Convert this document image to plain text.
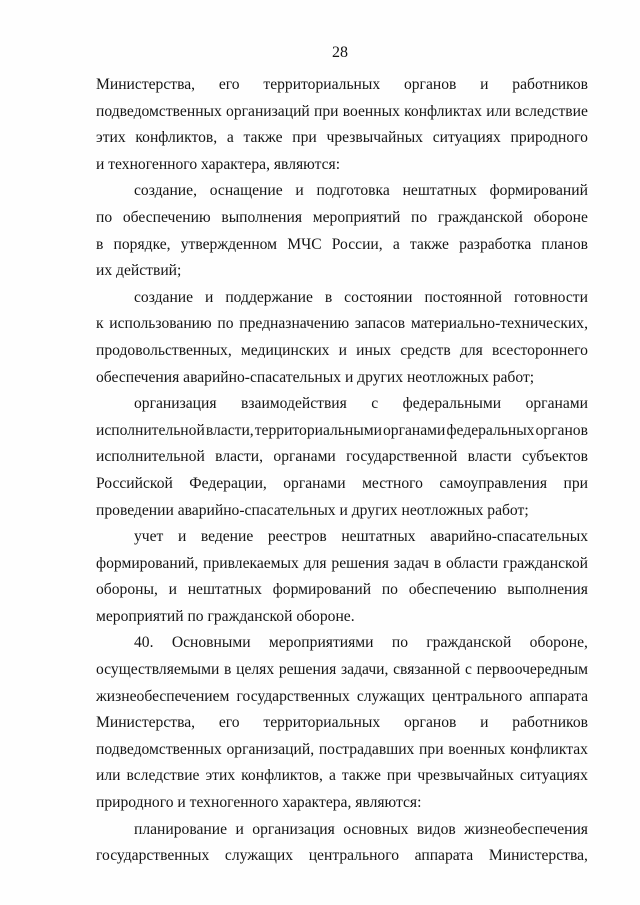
28
Министерства, его территориальных органов и работников
подведомственных организаций при военных конфликтах или вследствие
этих конфликтов, а также при чрезвычайных ситуациях природного
и техногенного характера, являются:
создание, оснащение и подготовка нештатных формирований
по обеспечению выполнения мероприятий по гражданской обороне
в порядке, утвержденном МЧС России, а также разработка планов
их действий;
создание и поддержание в состоянии постоянной готовности
к использованию по предназначению запасов материально-технических,
продовольственных, медицинских и иных средств для всестороннего
обеспечения аварийно-спасательных и других неотложных работ;
организация взаимодействия с федеральными органами
исполнительной власти, территориальными органами федеральных органов
исполнительной власти, органами государственной власти субъектов
Российской Федерации, органами местного самоуправления при
проведении аварийно-спасательных и других неотложных работ;
учет и ведение реестров нештатных аварийно-спасательных
формирований, привлекаемых для решения задач в области гражданской
обороны, и нештатных формирований по обеспечению выполнения
мероприятий по гражданской обороне.
40. Основными мероприятиями по гражданской обороне,
осуществляемыми в целях решения задачи, связанной с первоочередным
жизнеобеспечением государственных служащих центрального аппарата
Министерства, его территориальных органов и работников
подведомственных организаций, пострадавших при военных конфликтах
или вследствие этих конфликтов, а также при чрезвычайных ситуациях
природного и техногенного характера, являются:
планирование и организация основных видов жизнеобеспечения
государственных служащих центрального аппарата Министерства,
